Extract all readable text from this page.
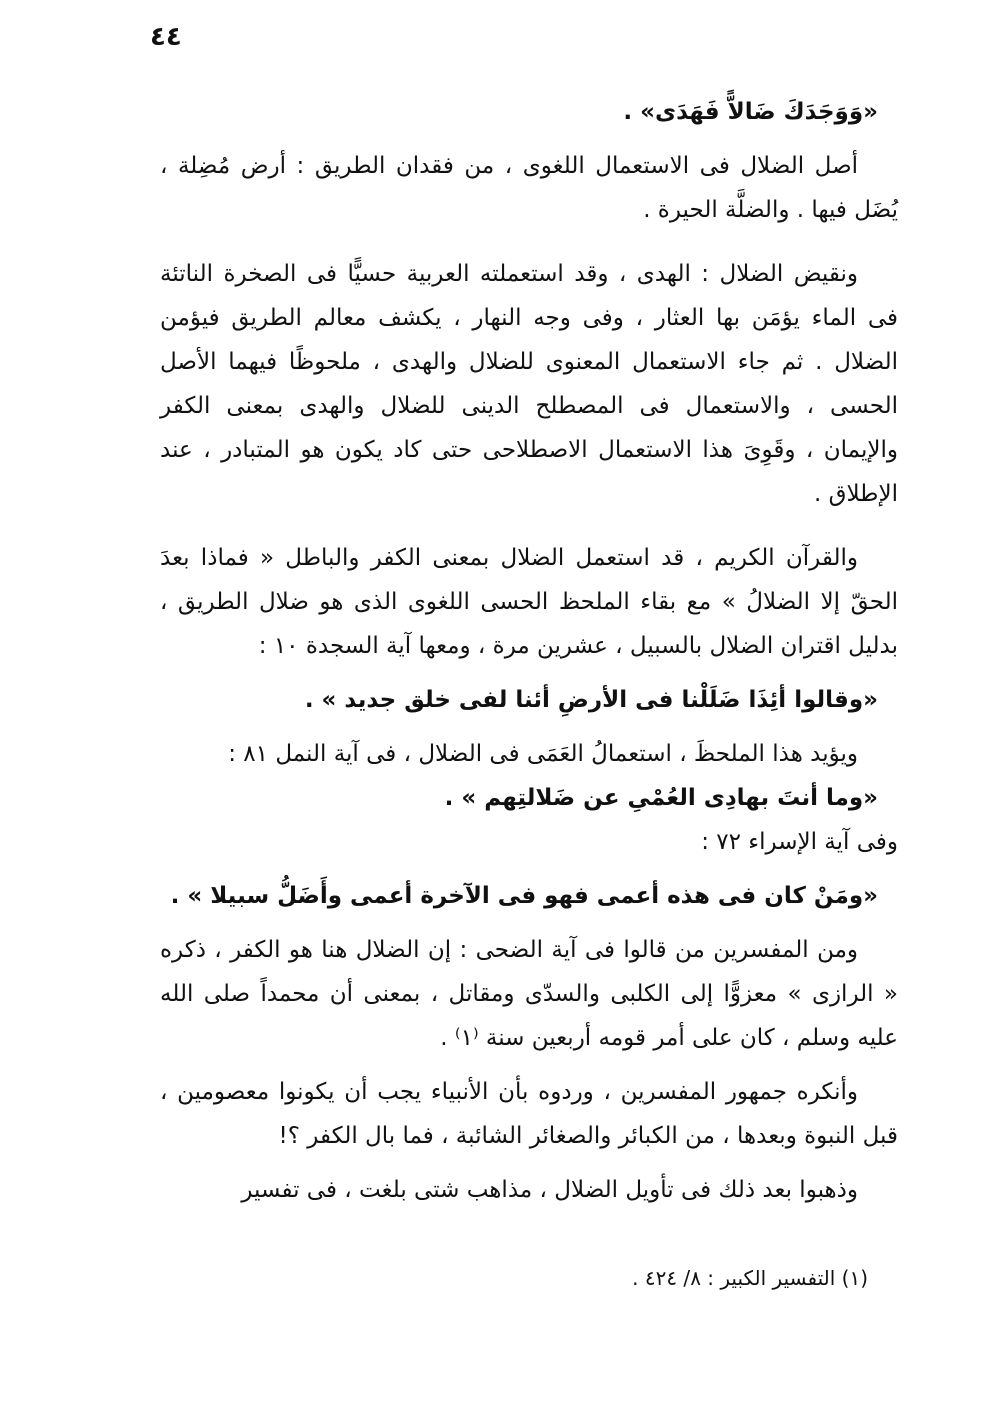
٤٤

«وَوَجَدَكَ ضَالاًّ فَهَدَى» .

أصل الضلال فى الاستعمال اللغوى ، من فقدان الطريق : أرض مُضِلة ، يُضَل فيها . والضلَّة الحيرة .

ونقيض الضلال : الهدى ، وقد استعملته العربية حسيًّا فى الصخرة الناتئة فى الماء يؤمَن بها العثار ، وفى وجه النهار ، يكشف معالم الطريق فيؤمن الضلال . ثم جاء الاستعمال المعنوى للضلال والهدى ، ملحوظًا فيهما الأصل الحسى ، والاستعمال فى المصطلح الدينى للضلال والهدى بمعنى الكفر والإيمان ، وقَوِىَ هذا الاستعمال الاصطلاحى حتى كاد يكون هو المتبادر ، عند الإطلاق .

والقرآن الكريم ، قد استعمل الضلال بمعنى الكفر والباطل « فماذا بعدَ الحقّ إلا الضلالُ » مع بقاء الملحظ الحسى اللغوى الذى هو ضلال الطريق ، بدليل اقتران الضلال بالسبيل ، عشرين مرة ، ومعها آية السجدة ١٠ :

«وقالوا أئِذَا ضَلَلْنا فى الأرضِ أئنا لفى خلق جديد » .

ويؤيد هذا الملحظَ ، استعمالُ العَمَى فى الضلال ، فى آية النمل ٨١ :

«وما أنتَ بهادِى العُمْىِ عن ضَلالتِهم » .

وفى آية الإسراء ٧٢ :

«ومَنْ كان فى هذه أعمى فهو فى الآخرة أعمى وأَضَلُّ سبيلا » .

ومن المفسرين من قالوا فى آية الضحى : إن الضلال هنا هو الكفر ، ذكره « الرازى » معزوًّا إلى الكلبى والسدّى ومقاتل ، بمعنى أن محمداً صلى الله عليه وسلم ، كان على أمر قومه أربعين سنة ⁽١⁾ .

وأنكره جمهور المفسرين ، وردوه بأن الأنبياء يجب أن يكونوا معصومين ، قبل النبوة وبعدها ، من الكبائر والصغائر الشائبة ، فما بال الكفر ؟!

وذهبوا بعد ذلك فى تأويل الضلال ، مذاهب شتى بلغت ، فى تفسير

(١) التفسير الكبير : ٨/ ٤٢٤ .
